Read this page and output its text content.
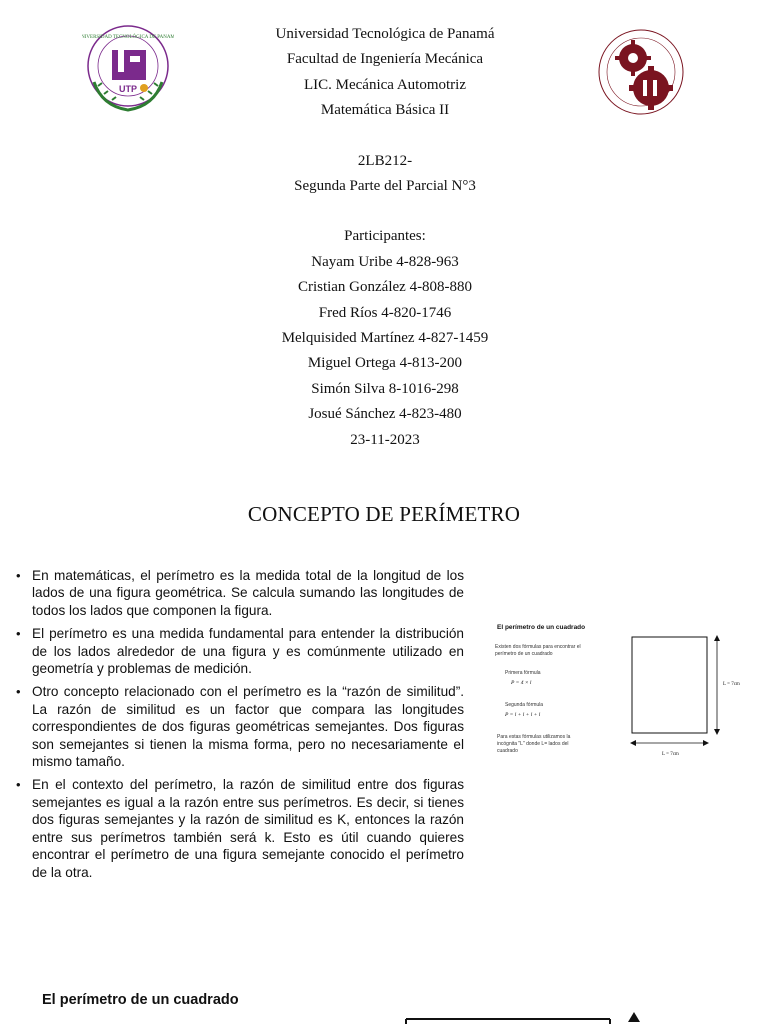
UNIVERSIDAD TECNOLÓGICA DE PANAMÁ
UTP
Universidad Tecnológica de Panamá
Facultad de Ingeniería Mecánica
LIC. Mecánica Automotriz
Matemática Básica II
2LB212-
Segunda Parte del Parcial N°3
Participantes:
Nayam Uribe 4-828-963
Cristian González 4-808-880
Fred Ríos 4-820-1746
Melquisided Martínez 4-827-1459
Miguel Ortega 4-813-200
Simón Silva 8-1016-298
Josué Sánchez 4-823-480
23-11-2023
CONCEPTO DE PERÍMETRO
• En matemáticas, el perímetro es la medida total de la longitud de los lados de una figura geométrica. Se calcula sumando las longitudes de todos los lados que componen la figura.
• El perímetro es una medida fundamental para entender la distribución de los lados alrededor de una figura y es comúnmente utilizado en geometría y problemas de medición.
• Otro concepto relacionado con el perímetro es la “razón de similitud”. La razón de similitud es un factor que compara las longitudes correspondientes de dos figuras geométricas semejantes. Dos figuras son semejantes si tienen la misma forma, pero no necesariamente el mismo tamaño.
• En el contexto del perímetro, la razón de similitud entre dos figuras semejantes es igual a la razón entre sus perímetros. Es decir, si tienes dos figuras semejantes y la razón de similitud es K, entonces la razón entre sus perímetros también será k. Esto es útil cuando quieres encontrar el perímetro de una figura semejante conocido el perímetro de la otra.
El perímetro de un cuadrado
Existen dos fórmulas para encontrar el perímetro de un cuadrado
Primera fórmula
P = 4 × l
Segunda fórmula
P = l + l + l + l
Para estas fórmulas utilizamos la incógnita "L" donde L= lados del cuadrado
L = 7cm
L = 7cm
El perímetro de un cuadrado
